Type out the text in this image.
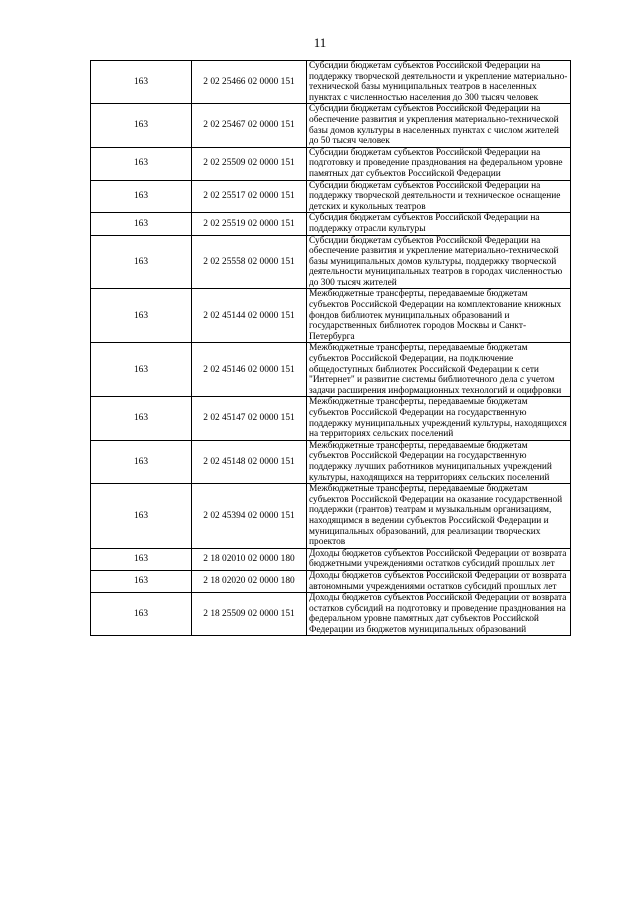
11
163	2 02 25466 02 0000 151	Субсидии бюджетам субъектов Российской Федерации на поддержку творческой деятельности и укрепление материально-технической базы муниципальных театров в населенных пунктах с численностью населения до 300 тысяч человек
163	2 02 25467 02 0000 151	Субсидии бюджетам субъектов Российской Федерации на обеспечение развития и укрепления материально-технической базы домов культуры в населенных пунктах с числом жителей до 50 тысяч человек
163	2 02 25509 02 0000 151	Субсидии бюджетам субъектов Российской Федерации на подготовку и проведение празднования на федеральном уровне памятных дат субъектов Российской Федерации
163	2 02 25517 02 0000 151	Субсидии бюджетам субъектов Российской Федерации на поддержку творческой деятельности и техническое оснащение детских и кукольных театров
163	2 02 25519 02 0000 151	Субсидия бюджетам субъектов Российской Федерации на поддержку отрасли культуры
163	2 02 25558 02 0000 151	Субсидии бюджетам субъектов Российской Федерации на обеспечение развития и укрепление материально-технической базы муниципальных домов культуры, поддержку творческой деятельности муниципальных театров в городах численностью до 300 тысяч жителей
163	2 02 45144 02 0000 151	Межбюджетные трансферты, передаваемые бюджетам субъектов Российской Федерации на комплектование книжных фондов библиотек муниципальных образований и государственных библиотек городов Москвы и Санкт-Петербурга
163	2 02 45146 02 0000 151	Межбюджетные трансферты, передаваемые бюджетам субъектов Российской Федерации, на подключение общедоступных библиотек Российской Федерации к сети "Интернет" и развитие системы библиотечного дела с учетом задачи расширения информационных технологий и оцифровки
163	2 02 45147 02 0000 151	Межбюджетные трансферты, передаваемые бюджетам субъектов Российской Федерации на государственную поддержку муниципальных учреждений культуры, находящихся на территориях сельских поселений
163	2 02 45148 02 0000 151	Межбюджетные трансферты, передаваемые бюджетам субъектов Российской Федерации на государственную поддержку лучших работников муниципальных учреждений культуры, находящихся на территориях сельских поселений
163	2 02 45394 02 0000 151	Межбюджетные трансферты, передаваемые бюджетам субъектов Российской Федерации на оказание государственной поддержки (грантов) театрам и музыкальным организациям, находящимся в ведении субъектов Российской Федерации и муниципальных образований, для реализации творческих проектов
163	2 18 02010 02 0000 180	Доходы бюджетов субъектов Российской Федерации от возврата бюджетными учреждениями остатков субсидий прошлых лет
163	2 18 02020 02 0000 180	Доходы бюджетов субъектов Российской Федерации от возврата автономными учреждениями остатков субсидий прошлых лет
163	2 18 25509 02 0000 151	Доходы бюджетов субъектов Российской Федерации от возврата остатков субсидий на подготовку и проведение празднования на федеральном уровне памятных дат субъектов Российской Федерации из бюджетов муниципальных образований
